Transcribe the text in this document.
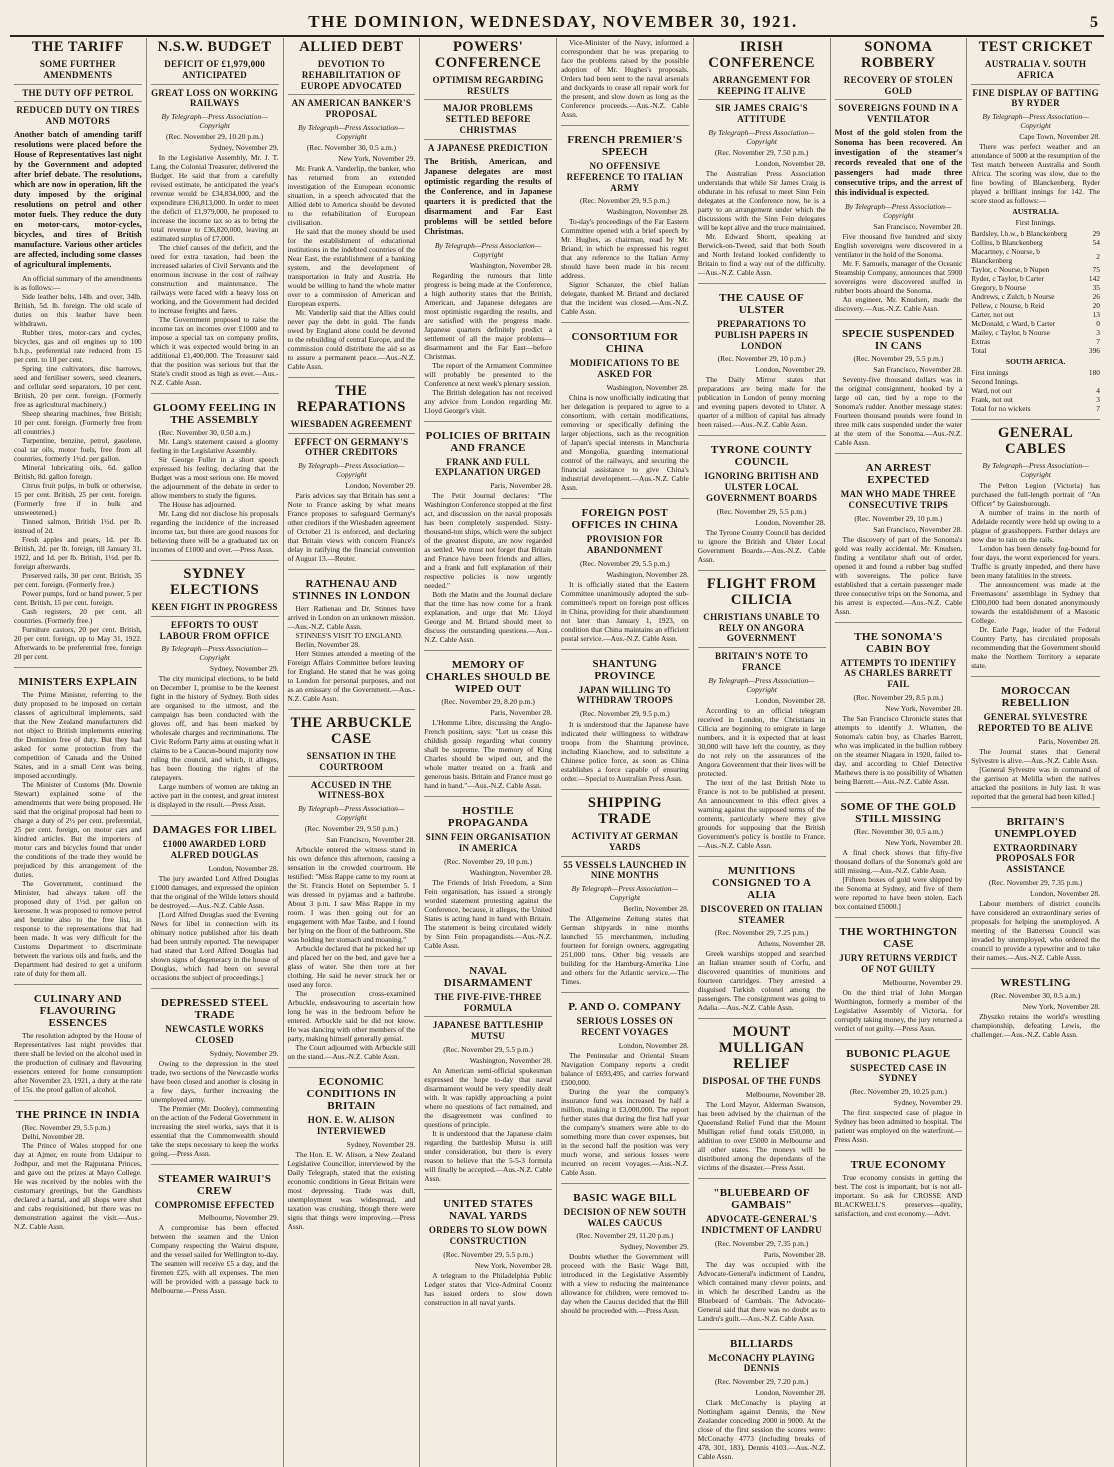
THE DOMINION, WEDNESDAY, NOVEMBER 30, 1921.	5
THE TARIFF
SOME FURTHER AMENDMENTS
THE DUTY OFF PETROL
REDUCED DUTY ON TIRES AND MOTORS

Another batch of amending tariff resolutions were placed before the House of Representatives last night by the Government and adopted after brief debate. The resolutions, which are now in operation, lift the duty imposed by the original resolutions on petrol and other motor fuels. They reduce the duty on motor-cars, motor-cycles, bicycles, and tires of British manufacture. Various other articles are affected, including some classes of agricultural implements.

An official summary of the amendments is as follows:—

Side leather belts, 14lb. and over, 34lb. British, 5d. lb. foreign. The old scale of duties on this leather have been withdrawn.

Rubber tires, motor-cars and cycles, bicycles, gas and oil engines up to 100 b.h.p., preferential rate reduced from 15 per cent. to 10 per cent.

Spring tine cultivators, disc harrows, seed and fertiliser sowers, seed cleaners, and cellular seed separators, 10 per cent. British, 20 per cent. foreign. (Formerly free as agricultural machinery.)

Sheep shearing machines, free British; 10 per cent. foreign. (Formerly free from all countries.)

Turpentine, benzine, petrol, gasolene, coal tar oils, motor fuels, free from all countries, formerly 1½d. per gallon.

Mineral lubricating oils, 6d. gallon British, 8d. gallon foreign.

Citrus fruit pulps, in bulk or otherwise, 15 per cent. British, 25 per cent. foreign. (Formerly free if in bulk and unsweetened.)

Tinned salmon, British 1½d. per lb. instead of 2d.

Fresh apples and pears, 1d. per lb. British, 2d. per lb. foreign, till January 31, 1922, and 1d. per lb. British, 1½d. per lb. foreign afterwards.

Preserved rails, 30 per cent. British, 35 per cent. foreign. (Formerly free.)

Power pumps, ford or hand power, 5 per cent. British, 15 per cent. foreign.

Cash registers, 20 per cent. all countries. (Formerly free.)

Furniture castors, 20 per cent. British, 20 per cent. foreign, up to May 31, 1922. Afterwards to be preferential free, foreign 20 per cent.

MINISTERS EXPLAIN

The Prime Minister, referring to the duty proposed to be imposed on certain classes of agricultural implements, said that the New Zealand manufacturers did not object to British implements entering the Dominion free of duty. But they had asked for some protection from the competition of Canada and the United States, and in a small Cent was being imposed accordingly.

The Minister of Customs (Mr. Downie Stewart) explained some of the amendments that were being proposed. He said that the original proposal had been to charge a duty of 2½ per cent. preferential, 25 per cent. foreign, on motor cars and kindred articles. But the importers of motor cars and bicycles found that under the conditions of the trade they would be prejudiced by this arrangement of the duties.

The Government, continued the Minister, had always taken off the proposed duty of 1½d. per gallon on kerosene. It was proposed to remove petrol and benzine also to the free list, in response to the representations that had been made. It was very difficult for the Customs Department to discriminate between the various oils and fuels, and the Department had desired to get a uniform rate of duty for them all.

CULINARY AND FLAVOURING ESSENCES

The resolution adopted by the House of Representatives last night provides that there shall be levied on the alcohol used in the production of culinary and flavouring essences entered for home consumption after November 23, 1921, a duty at the rate of 15s. the proof gallon of alcohol.

THE PRINCE IN INDIA

(Rec. November 29, 5.5 p.m.)

Delhi, November 28.

The Prince of Wales stopped for one day at Ajmer, en route from Udaipur to Jodhpur, and met the Rajputana Princes, and gave out the prizes at Mayo College. He was received by the nobles with the customary greetings, but the Gandhists declared a hartal, and all shops were shut and cabs requisitioned, but there was no demonstration against the visit.—Aus.-N.Z. Cable Assn.

N.S.W. BUDGET
DEFICIT OF £1,979,000 ANTICIPATED
GREAT LOSS ON WORKING RAILWAYS
By Telegraph—Press Association—Copyright
(Rec. November 29, 10.20 p.m.)
Sydney, November 29.

In the Legislative Assembly, Mr. J. T. Lang, the Colonial Treasurer, delivered the Budget. He said that from a carefully revised estimate, he anticipated the year's revenue would be £34,834,000, and the expenditure £36,813,000. In order to meet the deficit of £1,979,000, he proposed to increase the income tax so as to bring the total revenue to £36,820,000, leaving an estimated surplus of £7,000.

The chief causes of the deficit, and the need for extra taxation, had been the increased salaries of Civil Servants and the enormous increase in the cost of railway construction and maintenance. The railways were faced with a heavy loss on working, and the Government had decided to increase freights and fares.

The Government proposed to raise the income tax on incomes over £1000 and to impose a special tax on company profits, which it was expected would bring in an additional £1,400,000. The Treasurer said that the position was serious but that the State's credit stood as high as ever.—Aus.-N.Z. Cable Assn.

GLOOMY FEELING IN THE ASSEMBLY

(Rec. November 30, 0.50 a.m.)

Mr. Lang's statement caused a gloomy feeling in the Legislative Assembly.

Sir George Fuller in a short speech expressed his feeling, declaring that the Budget was a most serious one. He moved the adjournment of the debate in order to allow members to study the figures.

The House has adjourned.

Mr. Lang did not disclose his proposals regarding the incidence of the increased income tax, but there are good reasons for believing there will be a graduated tax on incomes of £1000 and over.—Press Assn.

SYDNEY ELECTIONS
KEEN FIGHT IN PROGRESS
EFFORTS TO OUST LABOUR FROM OFFICE
By Telegraph—Press Association—Copyright
Sydney, November 29.

The city municipal elections, to be held on December 1, promise to be the keenest fight in the history of Sydney. Both sides are organised to the utmost, and the campaign has been conducted with the gloves off, and has been marked by wholesale charges and recriminations. The Civic Reform Party aims at ousting what it claims to be a Caucus-bound majority now ruling the council, and which, it alleges, has been flouting the rights of the ratepayers.

Large numbers of women are taking an active part in the contest, and great interest is displayed in the result.—Press Assn.

DAMAGES FOR LIBEL
£1000 AWARDED LORD ALFRED DOUGLAS
London, November 28.

The jury awarded Lord Alfred Douglas £1000 damages, and expressed the opinion that the original of the Wilde letters should be destroyed.—Aus.-N.Z. Cable Assn.

[Lord Alfred Douglas sued the Evening News for libel in connection with its obituary notice published after his death had been untruly reported. The newspaper had stated that Lord Alfred Douglas had shown signs of degeneracy in the house of Douglas, which had been on several occasions the subject of proceedings.]

DEPRESSED STEEL TRADE
NEWCASTLE WORKS CLOSED
Sydney, November 29.

Owing to the depression in the steel trade, two sections of the Newcastle works have been closed and another is closing in a few days, further increasing the unemployed army.

The Premier (Mr. Dooley), commenting on the action of the Federal Government in increasing the steel works, says that it is essential that the Commonwealth should take the steps necessary to keep the works going.—Press Assn.

STEAMER WAIRUI'S CREW
COMPROMISE EFFECTED
Melbourne, November 29.

A compromise has been effected between the seamen and the Union Company respecting the Wairui dispute, and the vessel sailed for Wellington to-day. The seamen will receive £5 a day, and the firemen £25, with all expenses. The men will be provided with a passage back to Melbourne.—Press Assn.

ALLIED DEBT
DEVOTION TO REHABILITATION OF EUROPE ADVOCATED
AN AMERICAN BANKER'S PROPOSAL
By Telegraph—Press Association—Copyright
(Rec. November 30, 0.5 a.m.)
New York, November 29.

Mr. Frank A. Vanderlip, the banker, who has returned from an extended investigation of the European economic situation, in a speech advocated that the Allied debt to America should be devoted to the rehabilitation of European civilisation.

He said that the money should be used for the establishment of educational institutions in the indebted countries of the Near East, the establishment of a banking system, and the development of transportation in Italy and Austria. He would be willing to hand the whole matter over to a commission of American and European experts.

Mr. Vanderlip said that the Allies could never pay the debt in gold. The funds owed by England alone could be devoted to the rebuilding of central Europe, and the commission could distribute the aid so as to assure a permanent peace.—Aus.-N.Z. Cable Assn.

THE REPARATIONS
WIESBADEN AGREEMENT
EFFECT ON GERMANY'S OTHER CREDITORS
By Telegraph—Press Association—Copyright
London, November 29.

Paris advices say that Britain has sent a Note to France asking by what means France proposes to safeguard Germany's other creditors if the Wiesbaden agreement of October 21 is enforced, and declaring that Britain views with concern France's delay in ratifying the financial convention of August 13.—Reuter.

RATHENAU AND STINNES IN LONDON

Herr Rathenau and Dr. Stinnes have arrived in London on an unknown mission.—Aus.-N.Z. Cable Assn.

STINNES'S VISIT TO ENGLAND.

Berlin, November 28.

Herr Stinnes attended a meeting of the Foreign Affairs Committee before leaving for England. He stated that he was going to London for personal purposes, and not as an emissary of the Government.—Aus.-N.Z. Cable Assn.

THE ARBUCKLE CASE
SENSATION IN THE COURTROOM
ACCUSED IN THE WITNESS-BOX
By Telegraph—Press Association—Copyright
(Rec. November 29, 9.50 p.m.)
San Francisco, November 28.

Arbuckle entered the witness stand in his own defence this afternoon, causing a sensation in the crowded courtroom. He testified: "Miss Rappe came to my room at the St. Francis Hotel on September 5. I was dressed in pyjamas and a bathrobe. About 3 p.m. I saw Miss Rappe in my room. I was then going out for an engagement with Mae Taube, and I found her lying on the floor of the bathroom. She was holding her stomach and moaning."

Arbuckle declared that he picked her up and placed her on the bed, and gave her a glass of water. She then tore at her clothing. He said he never struck her or used any force.

The prosecution cross-examined Arbuckle, endeavouring to ascertain how long he was in the bedroom before he entered. Arbuckle said he did not know. He was dancing with other members of the party, making himself generally genial.

The Court adjourned with Arbuckle still on the stand.—Aus.-N.Z. Cable Assn.

ECONOMIC CONDITIONS IN BRITAIN
HON. E. W. ALISON INTERVIEWED
Sydney, November 29.

The Hon. E. W. Alison, a New Zealand Legislative Councillor, interviewed by the Daily Telegraph, stated that the existing economic conditions in Great Britain were most depressing. Trade was dull, unemployment was widespread, and taxation was crushing, though there were signs that things were improving.—Press Assn.

POWERS' CONFERENCE
OPTIMISM REGARDING RESULTS
MAJOR PROBLEMS SETTLED BEFORE CHRISTMAS
A JAPANESE PREDICTION

The British, American, and Japanese delegates are most optimistic regarding the results of the Conference, and in Japanese quarters it is predicted that the disarmament and Far East problems will be settled before Christmas.

By Telegraph—Press Association—Copyright
Washington, November 28.

Regarding the rumours that little progress is being made at the Conference, a high authority states that the British, American, and Japanese delegates are most optimistic regarding the results, and are satisfied with the progress made. Japanese quarters definitely predict a settlement of all the major problems—disarmament and the Far East—before Christmas.

The report of the Armament Committee will probably be presented to the Conference at next week's plenary session.

The British delegation has not received any advice from London regarding Mr. Lloyd George's visit.

POLICIES OF BRITAIN AND FRANCE
FRANK AND FULL EXPLANATION URGED
Paris, November 28.

The Petit Journal declares: "The Washington Conference stopped at the first act, and discussion on the naval proposals has been completely suspended. Sixty-thousand-ton ships, which were the subject of the greatest dispute, are now regarded as settled. We must not forget that Britain and France have been friends and allies, and a frank and full explanation of their respective policies is now urgently needed."

Both the Matin and the Journal declare that the time has now come for a frank explanation, and urge that Mr. Lloyd George and M. Briand should meet to discuss the outstanding questions.—Aus.-N.Z. Cable Assn.

MEMORY OF CHARLES SHOULD BE WIPED OUT
(Rec. November 29, 8.20 p.m.)
Paris, November 28.

L'Homme Libre, discussing the Anglo-French position, says: "Let us cease this childish gossip regarding what country shall be supreme. The memory of King Charles should be wiped out, and the whole matter treated on a frank and generous basis. Britain and France must go hand in hand."—Aus.-N.Z. Cable Assn.

HOSTILE PROPAGANDA
SINN FEIN ORGANISATION IN AMERICA
(Rec. November 29, 10 p.m.)
Washington, November 28.

The Friends of Irish Freedom, a Sinn Fein organisation, has issued a strongly worded statement protesting against the Conference, because, it alleges, the United States is acting hand in hand with Britain. The statement is being circulated widely by Sinn Fein propagandists.—Aus.-N.Z. Cable Assn.

NAVAL DISARMAMENT
THE FIVE-FIVE-THREE FORMULA
JAPANESE BATTLESHIP MUTSU
(Rec. November 29, 5.5 p.m.)
Washington, November 28.

An American semi-official spokesman expressed the hope to-day that naval disarmament would be very speedily dealt with. It was rapidly approaching a point where no questions of fact remained, and the disagreement was confined to questions of principle.

It is understood that the Japanese claim regarding the battleship Mutsu is still under consideration, but there is every reason to believe that the 5-5-3 formula will finally be accepted.—Aus.-N.Z. Cable Assn.

UNITED STATES NAVAL YARDS
ORDERS TO SLOW DOWN CONSTRUCTION
(Rec. November 29, 5.5 p.m.)
New York, November 28.

A telegram to the Philadelphia Public Ledger states that Vice-Admiral Coontz has issued orders to slow down construction in all naval yards.

Vice-Minister of the Navy, informed a correspondent that he was preparing to face the problems raised by the possible adoption of Mr. Hughes's proposals. Orders had been sent to the naval arsenals and dockyards to cease all repair work for the present, and slow down as long as the Conference proceeds.—Aus.-N.Z. Cable Assn.

FRENCH PREMIER'S SPEECH
NO OFFENSIVE REFERENCE TO ITALIAN ARMY
(Rec. November 29, 9.5 p.m.)
Washington, November 28.

To-day's proceedings of the Far Eastern Committee opened with a brief speech by Mr. Hughes, as chairman, read by Mr. Briand, in which he expressed his regret that any reference to the Italian Army should have been made in his recent address.

Signor Schanzer, the chief Italian delegate, thanked M. Briand and declared that the incident was closed.—Aus.-N.Z. Cable Assn.

CONSORTIUM FOR CHINA
MODIFICATIONS TO BE ASKED FOR
Washington, November 28.

China is now unofficially indicating that her delegation is prepared to agree to a consortium, with certain modifications, removing or specifically defining the larger objections, such as the recognition of Japan's special interests in Manchuria and Mongolia, guarding international control of the railways, and securing the financial assistance to give China's industrial development.—Aus.-N.Z. Cable Assn.

FOREIGN POST OFFICES IN CHINA
PROVISION FOR ABANDONMENT
(Rec. November 29, 5.5 p.m.)
Washington, November 28.

It is officially stated that the Eastern Committee unanimously adopted the sub-committee's report on foreign post offices in China, providing for their abandonment not later than January 1, 1923, on condition that China maintains an efficient postal service.—Aus.-N.Z. Cable Assn.

SHANTUNG PROVINCE
JAPAN WILLING TO WITHDRAW TROOPS
(Rec. November 29, 9.5 p.m.)

It is understood that the Japanese have indicated their willingness to withdraw troops from the Shantung province, including Kiaochow, and to substitute a Chinese police force, as soon as China establishes a force capable of ensuring order.—Special to Australian Press Assn.

SHIPPING TRADE
ACTIVITY AT GERMAN YARDS
55 VESSELS LAUNCHED IN NINE MONTHS
By Telegraph—Press Association—Copyright
Berlin, November 28.

The Allgemeine Zeitung states that German shipyards in nine months launched 55 merchantmen, including fourteen for foreign owners, aggregating 251,000 tons. Other big vessels are building for the Hamburg-Amerika Line and others for the Atlantic service.—The Times.

P. AND O. COMPANY
SERIOUS LOSSES ON RECENT VOYAGES
London, November 28.

The Peninsular and Oriental Steam Navigation Company reports a credit balance of £693,495, and carries forward £500,000.

During the year the company's insurance fund was increased by half a million, making it £3,000,000. The report further states that during the first half year the company's steamers were able to do something more than cover expenses, but in the second half the position was very much worse, and serious losses were incurred on recent voyages.—Aus.-N.Z. Cable Assn.

BASIC WAGE BILL
DECISION OF NEW SOUTH WALES CAUCUS
(Rec. November 29, 11.20 p.m.)
Sydney, November 29.

Doubts whether the Government will proceed with the Basic Wage Bill, introduced in the Legislative Assembly with a view to reducing the maintenance allowance for children, were removed to-day when the Caucus decided that the Bill should be proceeded with.—Press Assn.

IRISH CONFERENCE
ARRANGEMENT FOR KEEPING IT ALIVE
SIR JAMES CRAIG'S ATTITUDE
By Telegraph—Press Association—Copyright
(Rec. November 29, 7.50 p.m.)
London, November 28.

The Australian Press Association understands that while Sir James Craig is obdurate in his refusal to meet Sinn Fein delegates at the Conference now, he is a party to an arrangement under which the discussions with the Sinn Fein delegates will be kept alive and the truce maintained.

Mr. Edward Shortt, speaking at Berwick-on-Tweed, said that both South and North Ireland looked confidently to Britain to find a way out of the difficulty.—Aus.-N.Z. Cable Assn.

THE CAUSE OF ULSTER
PREPARATIONS TO PUBLISH PAPERS IN LONDON
(Rec. November 29, 10 p.m.)
London, November 29.

The Daily Mirror states that preparations are being made for the publication in London of penny morning and evening papers devoted to Ulster. A quarter of a million of capital has already been raised.—Aus.-N.Z. Cable Assn.

TYRONE COUNTY COUNCIL
IGNORING BRITISH AND ULSTER LOCAL GOVERNMENT BOARDS
(Rec. November 29, 5.5 p.m.)
London, November 28.

The Tyrone County Council has decided to ignore the British and Ulster Local Government Boards.—Aus.-N.Z. Cable Assn.

FLIGHT FROM CILICIA
CHRISTIANS UNABLE TO RELY ON ANGORA GOVERNMENT
BRITAIN'S NOTE TO FRANCE
By Telegraph—Press Association—Copyright
London, November 28.

According to an official telegram received in London, the Christians in Cilicia are beginning to emigrate in large numbers, and it is expected that at least 30,000 will have left the country, as they do not rely on the assurances of the Angora Government that their lives will be protected.

The text of the last British Note to France is not to be published at present. An announcement to this effect gives a warning against the supposed terms of the contents, particularly where they give grounds for supposing that the British Government's policy is hostile to France.—Aus.-N.Z. Cable Assn.

MUNITIONS CONSIGNED TO A ALIA
DISCOVERED ON ITALIAN STEAMER
(Rec. November 29, 7.25 p.m.)
Athens, November 28.

Greek warships stopped and searched an Italian steamer south of Corfu, and discovered quantities of munitions and fourteen cartridges. They arrested a disguised Turkish colonel among the passengers. The consignment was going to Adalia.—Aus.-N.Z. Cable Assn.

MOUNT MULLIGAN RELIEF
DISPOSAL OF THE FUNDS
Melbourne, November 28.

The Lord Mayor, Alderman Swanson, has been advised by the chairman of the Queensland Relief Fund that the Mount Mulligan relief fund totals £50,000, in addition to over £5000 in Melbourne and all other states. The moneys will be distributed among the dependants of the victims of the disaster.—Press Assn.

"BLUEBEARD OF GAMBAIS"
ADVOCATE-GENERAL'S INDICTMENT OF LANDRU
(Rec. November 29, 7.35 p.m.)
Paris, November 28.

The day was occupied with the Advocate-General's indictment of Landru, which contained many clever points, and in which he described Landru as the Bluebeard of Gambais. The Advocate-General said that there was no doubt as to Landru's guilt.—Aus.-N.Z. Cable Assn.

BILLIARDS
McCONACHY PLAYING DENNIS
(Rec. November 29, 7.20 p.m.)
London, November 28.

Clark McConachy is playing at Nottingham against Dennis, the New Zealander conceding 2000 in 9000. At the close of the first session the scores were: McConachy 4773 (including breaks of 478, 301, 183), Dennis 4103.—Aus.-N.Z. Cable Assn.

SONOMA ROBBERY
RECOVERY OF STOLEN GOLD
SOVEREIGNS FOUND IN A VENTILATOR

Most of the gold stolen from the Sonoma has been recovered. An investigation of the steamer's records revealed that one of the passengers had made three consecutive trips, and the arrest of this individual is expected.

By Telegraph—Press Association—Copyright
San Francisco, November 28.

Five thousand five hundred and sixty English sovereigns were discovered in a ventilator in the hold of the Sonoma.

Mr. F. Samuels, manager of the Oceanic Steamship Company, announces that 5900 sovereigns were discovered stuffed in rubber boots aboard the Sonoma.

An engineer, Mr. Knudsen, made the discovery.—Aus.-N.Z. Cable Assn.

SPECIE SUSPENDED IN CANS
(Rec. November 29, 5.5 p.m.)
San Francisco, November 28.

Seventy-five thousand dollars was in the original consignment, hooked by a large oil can, tied by a rope to the Sonoma's rudder. Another message states: Fourteen thousand pounds were found in three milk cans suspended under the water at the stern of the Sonoma.—Aus.-N.Z. Cable Assn.

AN ARREST EXPECTED
MAN WHO MADE THREE CONSECUTIVE TRIPS
(Rec. November 29, 10 p.m.)
San Francisco, November 28.

The discovery of part of the Sonoma's gold was really accidental. Mr. Knudsen, finding a ventilator shaft out of order, opened it and found a rubber bag stuffed with sovereigns. The police have established that a certain passenger made three consecutive trips on the Sonoma, and his arrest is expected.—Aus.-N.Z. Cable Assn.

THE SONOMA'S CABIN BOY
ATTEMPTS TO IDENTIFY AS CHARLES BARRETT FAIL
(Rec. November 29, 8.5 p.m.)
New York, November 28.

The San Francisco Chronicle states that attempts to identify J. Whatten, the Sonoma's cabin boy, as Charles Barrett, who was implicated in the bullion robbery on the steamer Niagara in 1920, failed to-day, and according to Chief Detective Mathews there is no possibility of Whatten being Barrett.—Aus.-N.Z. Cable Assn.

SOME OF THE GOLD STILL MISSING
(Rec. November 30, 0.5 a.m.)
New York, November 28.

A final check shows that fifty-five thousand dollars of the Sonoma's gold are still missing.—Aus.-N.Z. Cable Assn.

[Fifteen boxes of gold were shipped by the Sonoma at Sydney, and five of them were reported to have been stolen. Each box contained £5000.]

THE WORTHINGTON CASE
JURY RETURNS VERDICT OF NOT GUILTY
Melbourne, November 29.

On the third trial of John Morgan Worthington, formerly a member of the Legislative Assembly of Victoria, for corruptly taking money, the jury returned a verdict of not guilty.—Press Assn.

BUBONIC PLAGUE
SUSPECTED CASE IN SYDNEY
(Rec. November 29, 10.25 p.m.)
Sydney, November 29.

The first suspected case of plague in Sydney has been admitted to hospital. The patient was employed on the waterfront.—Press Assn.

TRUE ECONOMY

True economy consists in getting the best. The cost is important, but is not all-important. So ask for CROSSE AND BLACKWELL'S preserves—quality, satisfaction, and cost economy.—Advt.

TEST CRICKET
AUSTRALIA V. SOUTH AFRICA
FINE DISPLAY OF BATTING BY RYDER
By Telegraph—Press Association—Copyright
Cape Town, November 28.

There was perfect weather and an attendance of 5000 at the resumption of the Test match between Australia and South Africa. The scoring was slow, due to the fine bowling of Blanckenberg. Ryder played a brilliant innings for 142. The score stood as follows:—

AUSTRALIA.
First Innings.
Bardsley, l.b.w., b Blanckenberg	29
Collins, b Blanckenberg	54
Macartney, c Nourse, b Blanckenberg	2
Taylor, c Nourse, b Nupen	75
Ryder, c Taylor, b Carter	142
Gregory, b Nourse	35
Andrews, c Zulch, b Nourse	26
Pellew, c Nourse, b Reid	20
Carter, not out	13
McDonald, c Ward, b Carter	0
Mailey, c Taylor, b Nourse	3
Extras	7
Total	396
SOUTH AFRICA.
First innings	180
Second Innings.	
Ward, not out	4
Frank, not out	3
Total for no wickets	7
GENERAL CABLES
By Telegraph—Press Association—Copyright

The Pelton Legion (Victoria) has purchased the full-length portrait of "An Officer" by Gainsborough.

A number of trains in the north of Adelaide recently were held up owing to a plague of grasshoppers. Further delays are now due to rain on the rails.

London has been densely fog-bound for four days, the worst experienced for years. Traffic is greatly impeded, and there have been many fatalities in the streets.

The announcement was made at the Freemasons' assemblage in Sydney that £300,000 had been donated anonymously towards the establishment of a Masonic College.

Dr. Earle Page, leader of the Federal Country Party, has circulated proposals recommending that the Government should make the Northern Territory a separate state.

MOROCCAN REBELLION
GENERAL SYLVESTRE REPORTED TO BE ALIVE
Paris, November 28.

The Journal states that General Sylvestre is alive.—Aus.-N.Z. Cable Assn.

[General Sylvestre was in command of the garrison at Melilla when the natives attacked the positions in July last. It was reported that the general had been killed.]

BRITAIN'S UNEMPLOYED
EXTRAORDINARY PROPOSALS FOR ASSISTANCE
(Rec. November 29, 7.35 p.m.)
London, November 28.

Labour members of district councils have considered an extraordinary series of proposals for helping the unemployed. A meeting of the Battersea Council was invaded by unemployed, who ordered the council to provide a typewriter and to take their names.—Aus.-N.Z. Cable Assn.

WRESTLING
(Rec. November 30, 0.5 a.m.)
New York, November 28.

Zbyszko retains the world's wrestling championship, defeating Lewis, the challenger.—Aus.-N.Z. Cable Assn.
